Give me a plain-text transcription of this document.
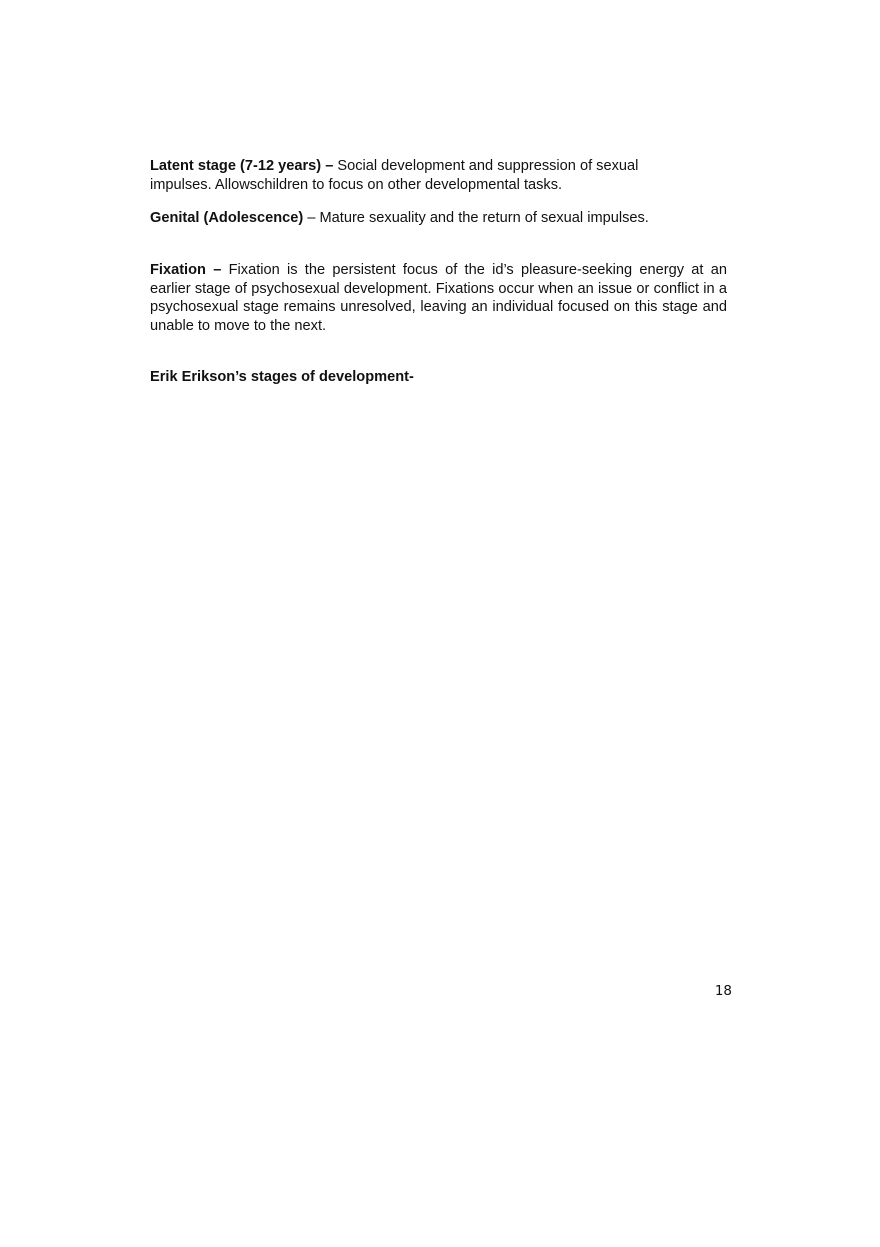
Latent stage (7-12 years) – Social development and suppression of sexual
impulses. Allowschildren to focus on other developmental tasks.

Genital (Adolescence) – Mature sexuality and the return of sexual impulses.

Fixation – Fixation is the persistent focus of the id’s pleasure-seeking energy at an earlier stage of psychosexual development. Fixations occur when an issue or conflict in a psychosexual stage remains unresolved, leaving an individual focused on this stage and unable to move to the next.

Erik Erikson’s stages of development-

18
